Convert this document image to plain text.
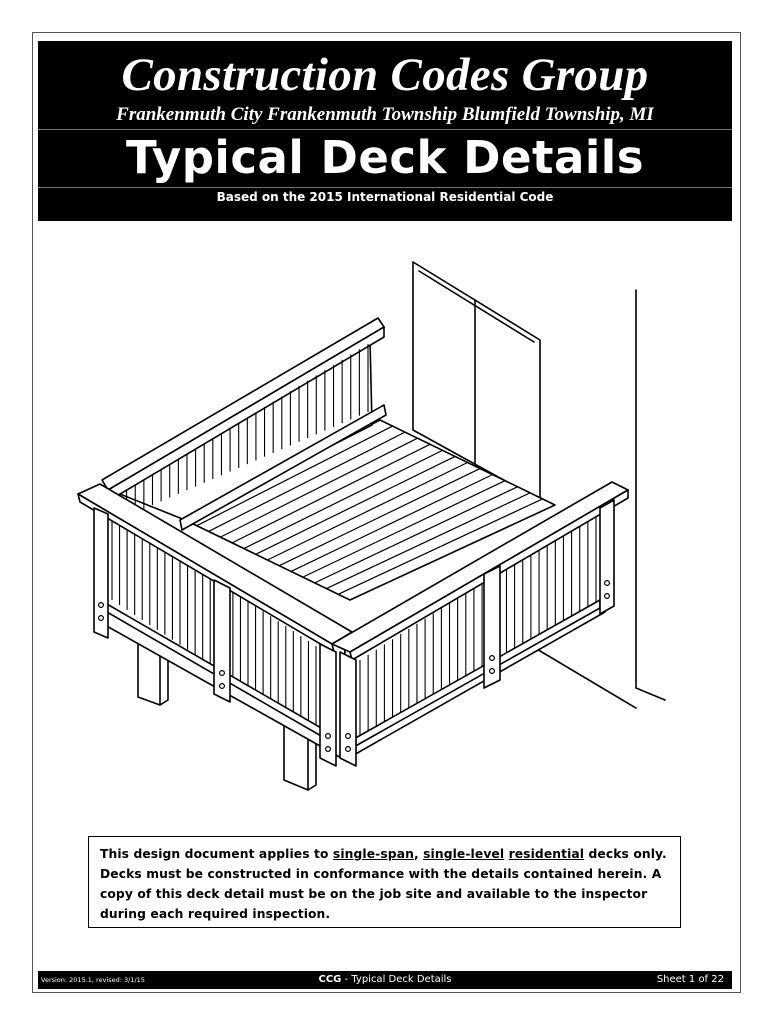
Construction Codes Group
Frankenmuth City Frankenmuth Township Blumfield Township, MI
Typical Deck Details
Based on the 2015 International Residential Code

This design document applies to single-span, single-level residential decks only. Decks must be constructed in conformance with the details contained herein. A copy of this deck detail must be on the job site and available to the inspector during each required inspection.

Version: 2015.1, revised: 3/1/15	CCG - Typical Deck Details	Sheet 1 of 22
